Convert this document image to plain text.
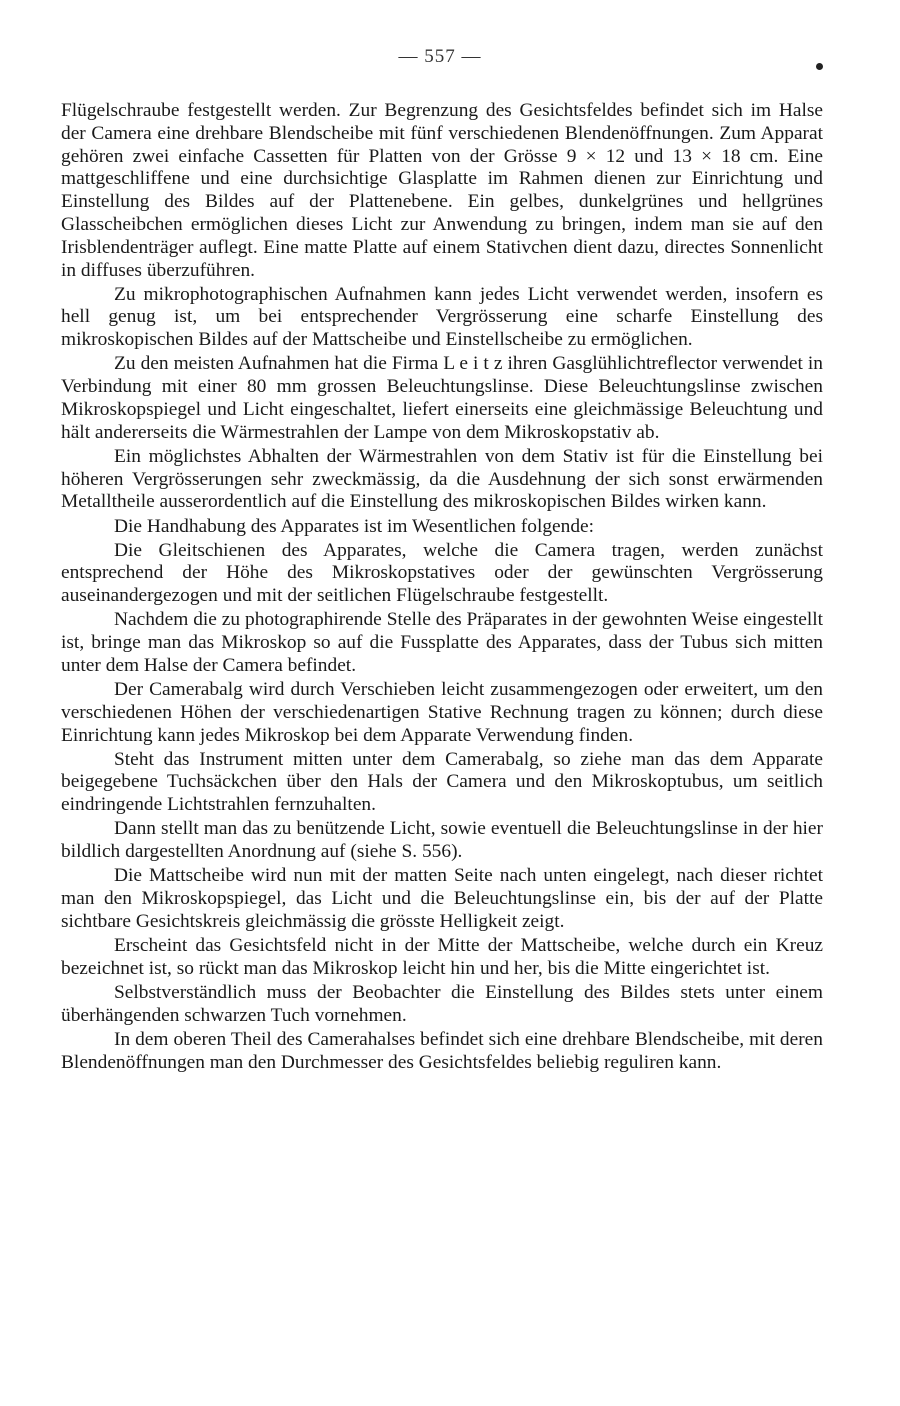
— 557 —

Flügelschraube festgestellt werden. Zur Begrenzung des Gesichtsfeldes befindet sich im Halse der Camera eine drehbare Blendscheibe mit fünf verschiedenen Blendenöffnungen. Zum Apparat gehören zwei einfache Cassetten für Platten von der Grösse 9 × 12 und 13 × 18 cm. Eine mattgeschliffene und eine durchsichtige Glasplatte im Rahmen dienen zur Einrichtung und Einstellung des Bildes auf der Plattenebene. Ein gelbes, dunkelgrünes und hellgrünes Glasscheibchen ermöglichen dieses Licht zur Anwendung zu bringen, indem man sie auf den Irisblendenträger auflegt. Eine matte Platte auf einem Stativchen dient dazu, directes Sonnenlicht in diffuses überzuführen.

Zu mikrophotographischen Aufnahmen kann jedes Licht verwendet werden, insofern es hell genug ist, um bei entsprechender Vergrösserung eine scharfe Einstellung des mikroskopischen Bildes auf der Mattscheibe und Einstellscheibe zu ermöglichen.

Zu den meisten Aufnahmen hat die Firma L e i t z ihren Gasglühlichtreflector verwendet in Verbindung mit einer 80 mm grossen Beleuchtungslinse. Diese Beleuchtungslinse zwischen Mikroskopspiegel und Licht eingeschaltet, liefert einerseits eine gleichmässige Beleuchtung und hält andererseits die Wärmestrahlen der Lampe von dem Mikroskopstativ ab.

Ein möglichstes Abhalten der Wärmestrahlen von dem Stativ ist für die Einstellung bei höheren Vergrösserungen sehr zweckmässig, da die Ausdehnung der sich sonst erwärmenden Metalltheile ausserordentlich auf die Einstellung des mikroskopischen Bildes wirken kann.

Die Handhabung des Apparates ist im Wesentlichen folgende:

Die Gleitschienen des Apparates, welche die Camera tragen, werden zunächst entsprechend der Höhe des Mikroskopstatives oder der gewünschten Vergrösserung auseinandergezogen und mit der seitlichen Flügelschraube festgestellt.

Nachdem die zu photographirende Stelle des Präparates in der gewohnten Weise eingestellt ist, bringe man das Mikroskop so auf die Fussplatte des Apparates, dass der Tubus sich mitten unter dem Halse der Camera befindet.

Der Camerabalg wird durch Verschieben leicht zusammengezogen oder erweitert, um den verschiedenen Höhen der verschiedenartigen Stative Rechnung tragen zu können; durch diese Einrichtung kann jedes Mikroskop bei dem Apparate Verwendung finden.

Steht das Instrument mitten unter dem Camerabalg, so ziehe man das dem Apparate beigegebene Tuchsäckchen über den Hals der Camera und den Mikroskoptubus, um seitlich eindringende Lichtstrahlen fernzuhalten.

Dann stellt man das zu benützende Licht, sowie eventuell die Beleuchtungslinse in der hier bildlich dargestellten Anordnung auf (siehe S. 556).

Die Mattscheibe wird nun mit der matten Seite nach unten eingelegt, nach dieser richtet man den Mikroskopspiegel, das Licht und die Beleuchtungslinse ein, bis der auf der Platte sichtbare Gesichtskreis gleichmässig die grösste Helligkeit zeigt.

Erscheint das Gesichtsfeld nicht in der Mitte der Mattscheibe, welche durch ein Kreuz bezeichnet ist, so rückt man das Mikroskop leicht hin und her, bis die Mitte eingerichtet ist.

Selbstverständlich muss der Beobachter die Einstellung des Bildes stets unter einem überhängenden schwarzen Tuch vornehmen.

In dem oberen Theil des Camerahalses befindet sich eine drehbare Blendscheibe, mit deren Blendenöffnungen man den Durchmesser des Gesichtsfeldes beliebig reguliren kann.
